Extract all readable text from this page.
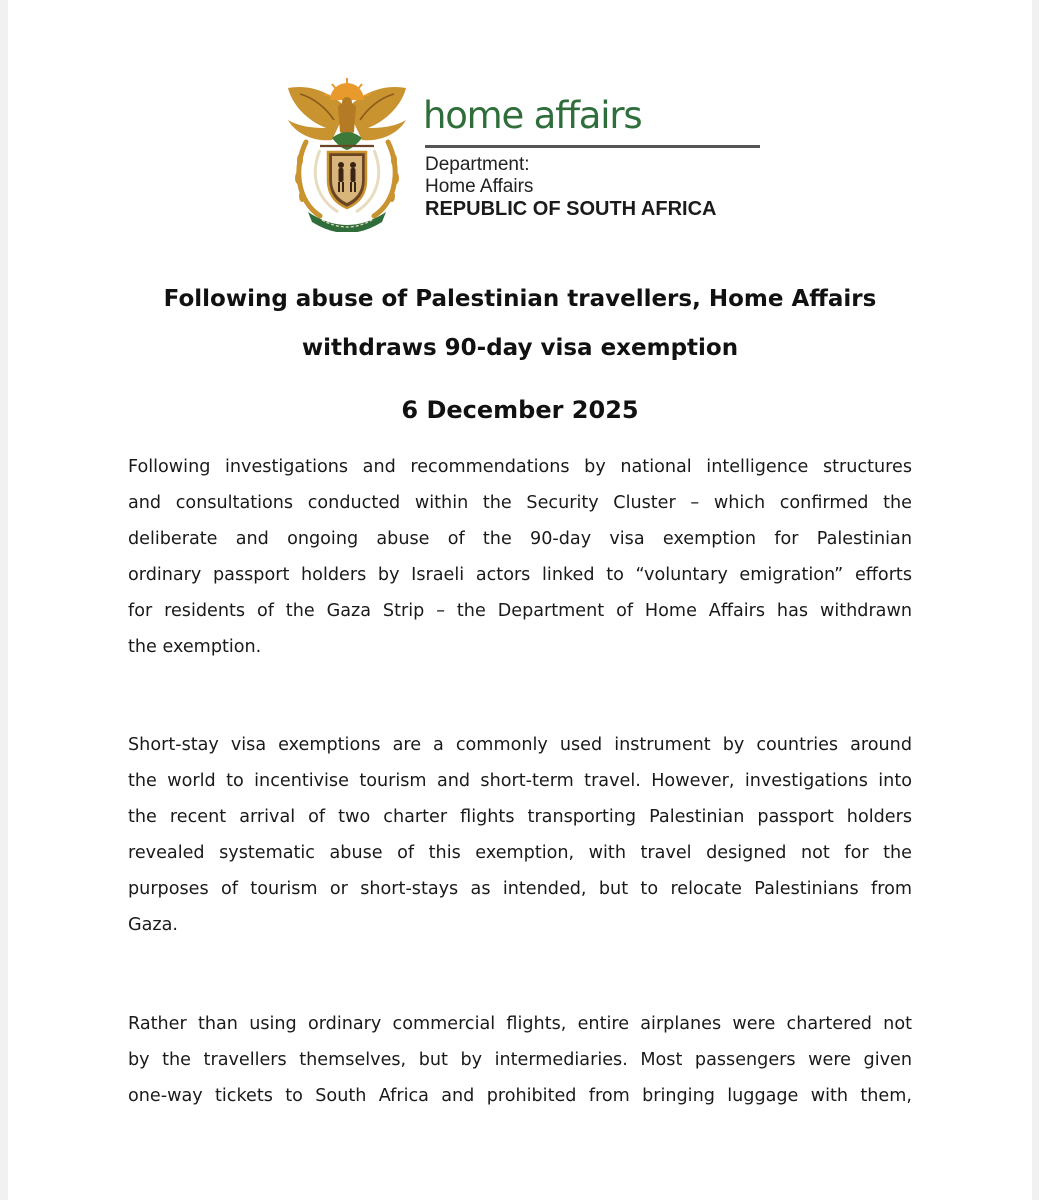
home affairs
Department:
Home Affairs
REPUBLIC OF SOUTH AFRICA
Following abuse of Palestinian travellers, Home Affairs
withdraws 90-day visa exemption
6 December 2025

Following investigations and recommendations by national intelligence structures
and consultations conducted within the Security Cluster – which confirmed the
deliberate and ongoing abuse of the 90-day visa exemption for Palestinian
ordinary passport holders by Israeli actors linked to “voluntary emigration” efforts
for residents of the Gaza Strip – the Department of Home Affairs has withdrawn
the exemption.

Short-stay visa exemptions are a commonly used instrument by countries around
the world to incentivise tourism and short-term travel. However, investigations into
the recent arrival of two charter flights transporting Palestinian passport holders
revealed systematic abuse of this exemption, with travel designed not for the
purposes of tourism or short-stays as intended, but to relocate Palestinians from
Gaza.

Rather than using ordinary commercial flights, entire airplanes were chartered not
by the travellers themselves, but by intermediaries. Most passengers were given
one-way tickets to South Africa and prohibited from bringing luggage with them,
